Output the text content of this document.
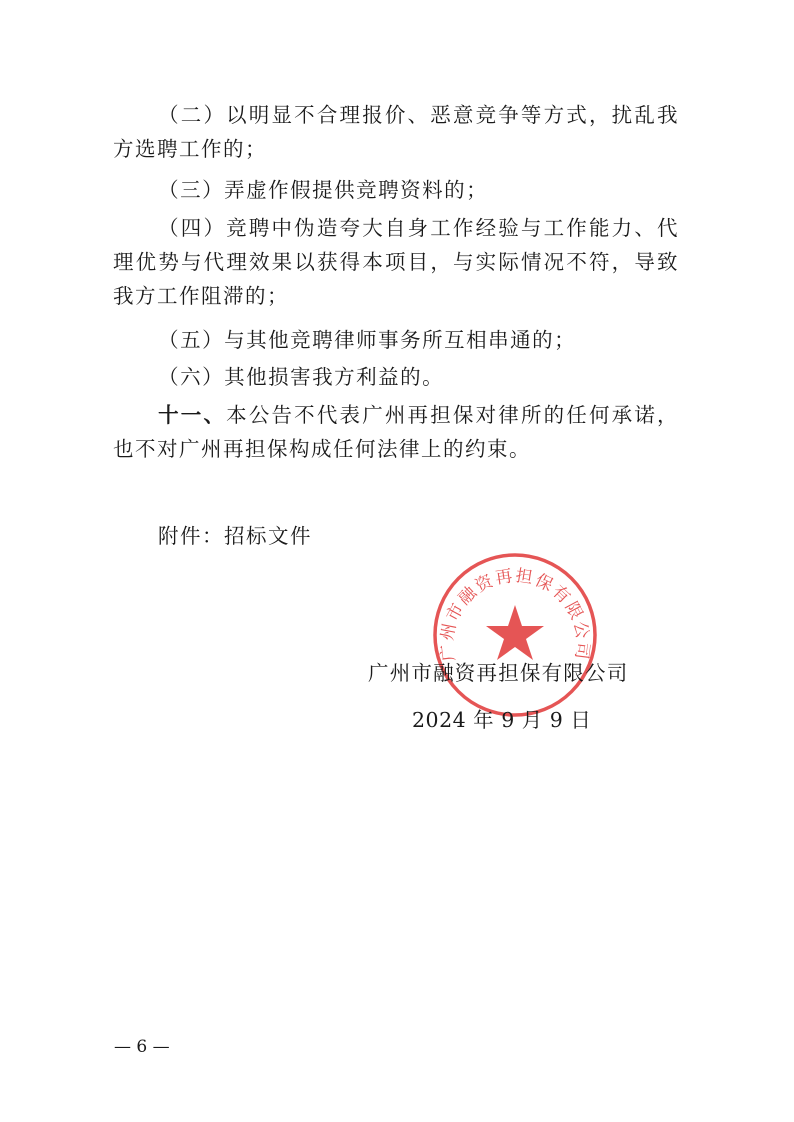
（二）以明显不合理报价、恶意竞争等方式，扰乱我方选聘工作的；

（三）弄虚作假提供竞聘资料的；

（四）竞聘中伪造夸大自身工作经验与工作能力、代理优势与代理效果以获得本项目，与实际情况不符，导致我方工作阻滞的；

（五）与其他竞聘律师事务所互相串通的；

（六）其他损害我方利益的。

十一、本公告不代表广州再担保对律所的任何承诺，也不对广州再担保构成任何法律上的约束。

附件：招标文件
广州市融资再担保有限公司
广州市融资再担保有限公司
2024 年 9 月 9 日
— 6 —
